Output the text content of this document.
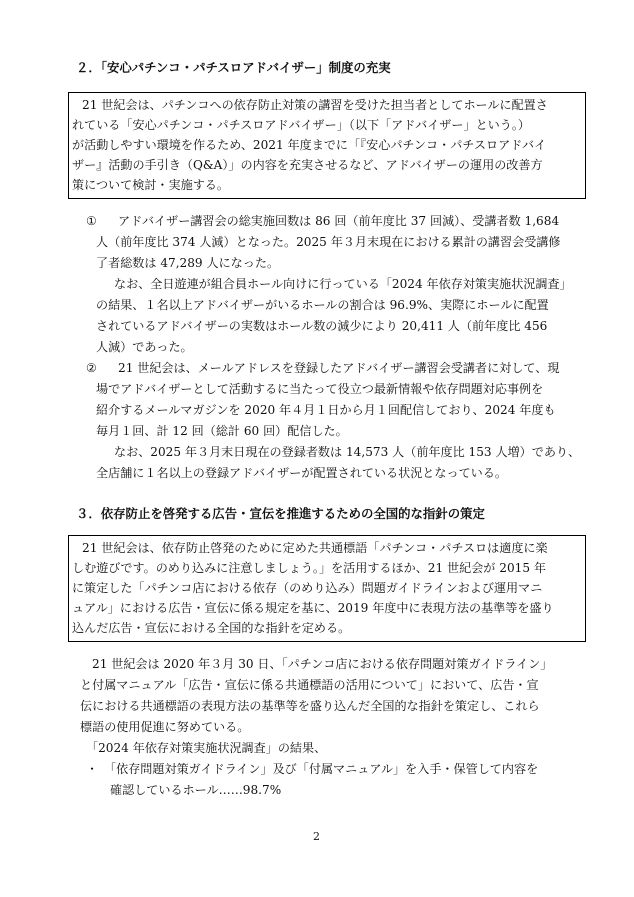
２．「安心パチンコ・パチスロアドバイザー」制度の充実
21 世紀会は、パチンコへの依存防止対策の講習を受けた担当者としてホールに配置さ
れている「安心パチンコ・パチスロアドバイザー」（以下「アドバイザー」という。）
が活動しやすい環境を作るため、2021 年度までに「『安心パチンコ・パチスロアドバイ
ザー』活動の手引き（Q&A）」の内容を充実させるなど、アドバイザーの運用の改善方
策について検討・実施する。
① アドバイザー講習会の総実施回数は 86 回（前年度比 37 回減）、受講者数 1,684
人（前年度比 374 人減）となった。2025 年３月末現在における累計の講習会受講修
了者総数は 47,289 人になった。
なお、全日遊連が組合員ホール向けに行っている「2024 年依存対策実施状況調査」
の結果、１名以上アドバイザーがいるホールの割合は 96.9%、実際にホールに配置
されているアドバイザーの実数はホール数の減少により 20,411 人（前年度比 456
人減）であった。
② 21 世紀会は、メールアドレスを登録したアドバイザー講習会受講者に対して、現
場でアドバイザーとして活動するに当たって役立つ最新情報や依存問題対応事例を
紹介するメールマガジンを 2020 年４月１日から月１回配信しており、2024 年度も
毎月１回、計 12 回（総計 60 回）配信した。
なお、2025 年３月末日現在の登録者数は 14,573 人（前年度比 153 人増）であり、
全店舗に１名以上の登録アドバイザーが配置されている状況となっている。
３．依存防止を啓発する広告・宣伝を推進するための全国的な指針の策定
21 世紀会は、依存防止啓発のために定めた共通標語「パチンコ・パチスロは適度に楽
しむ遊びです。のめり込みに注意しましょう。」を活用するほか、21 世紀会が 2015 年
に策定した「パチンコ店における依存（のめり込み）問題ガイドラインおよび運用マニ
ュアル」における広告・宣伝に係る規定を基に、2019 年度中に表現方法の基準等を盛り
込んだ広告・宣伝における全国的な指針を定める。
21 世紀会は 2020 年３月 30 日、「パチンコ店における依存問題対策ガイドライン」
と付属マニュアル「広告・宣伝に係る共通標語の活用について」において、広告・宣
伝における共通標語の表現方法の基準等を盛り込んだ全国的な指針を策定し、これら
標語の使用促進に努めている。
「2024 年依存対策実施状況調査」の結果、
・ 「依存問題対策ガイドライン」及び「付属マニュアル」を入手・保管して内容を
確認しているホール……98.7%
2
